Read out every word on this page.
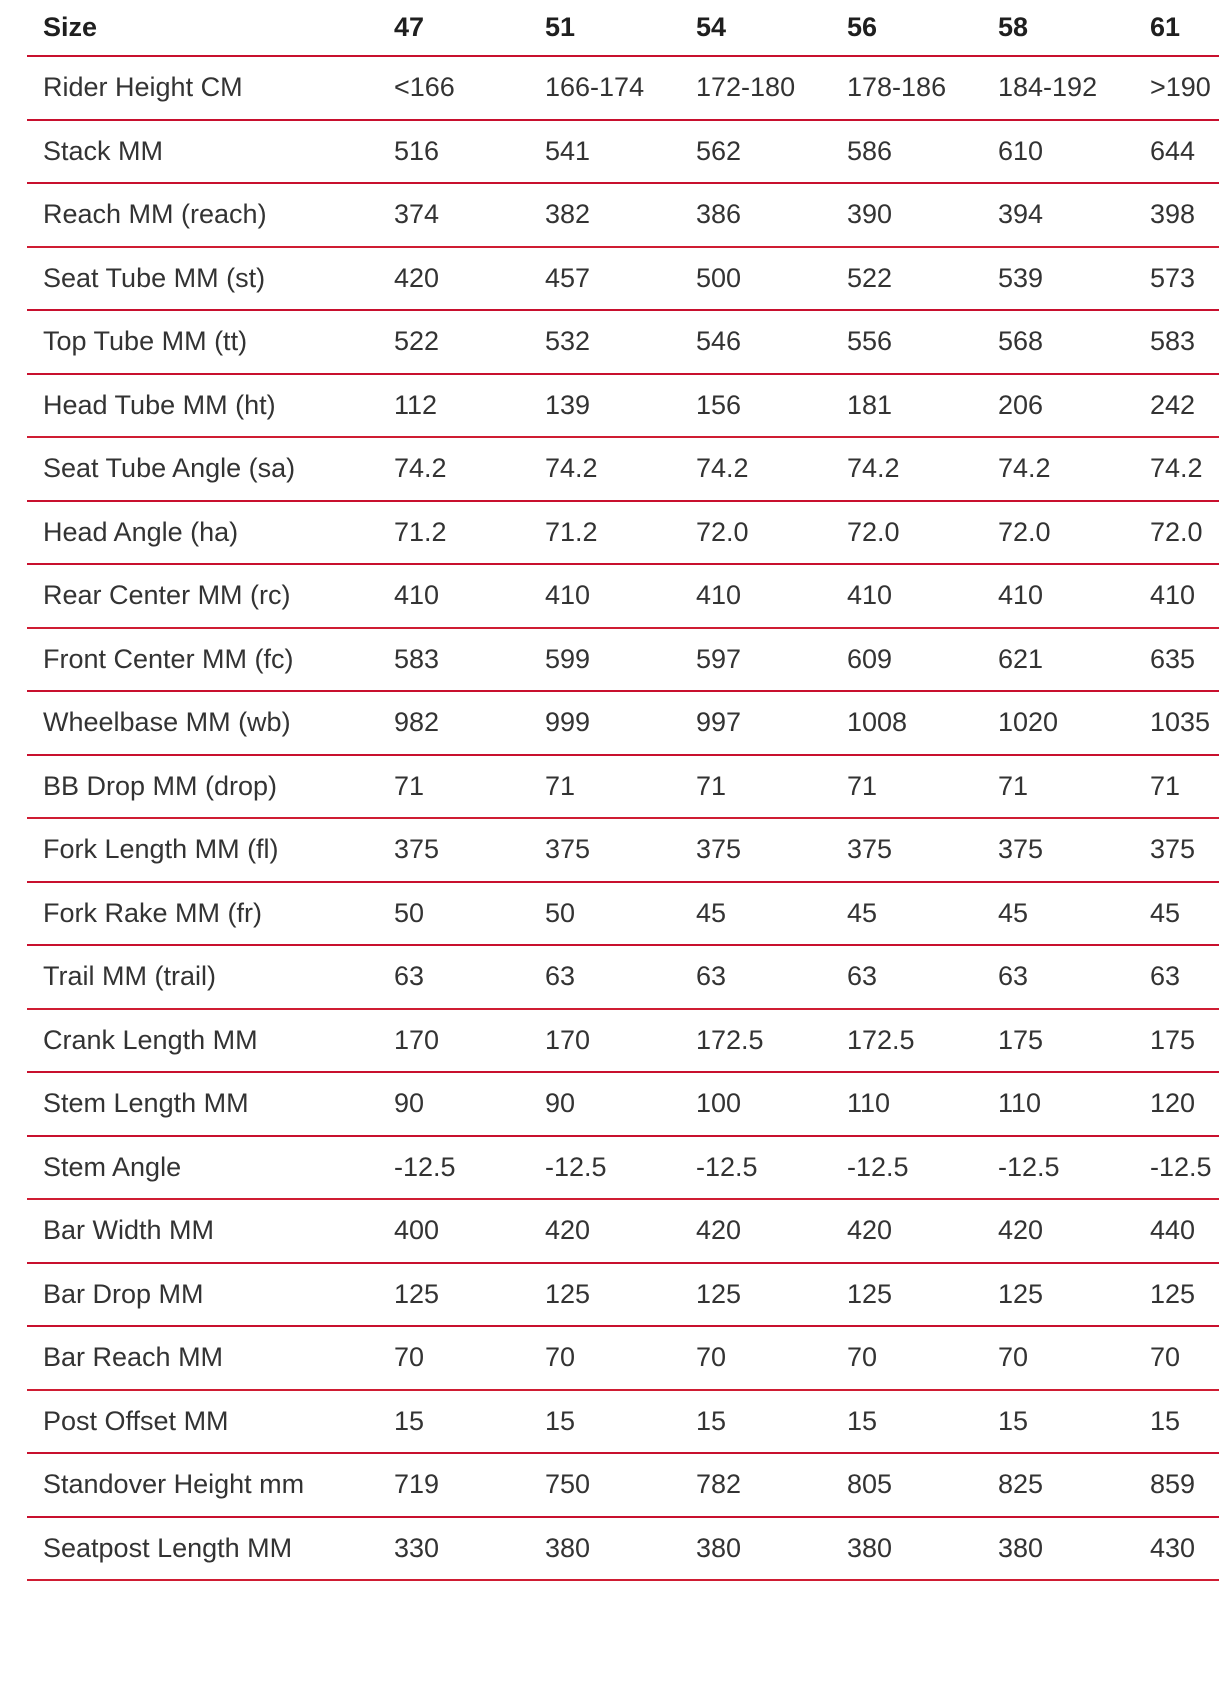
Size	47	51	54	56	58	61
Rider Height CM	<166	166-174	172-180	178-186	184-192	>190
Stack MM	516	541	562	586	610	644
Reach MM (reach)	374	382	386	390	394	398
Seat Tube MM (st)	420	457	500	522	539	573
Top Tube MM (tt)	522	532	546	556	568	583
Head Tube MM (ht)	112	139	156	181	206	242
Seat Tube Angle (sa)	74.2	74.2	74.2	74.2	74.2	74.2
Head Angle (ha)	71.2	71.2	72.0	72.0	72.0	72.0
Rear Center MM (rc)	410	410	410	410	410	410
Front Center MM (fc)	583	599	597	609	621	635
Wheelbase MM (wb)	982	999	997	1008	1020	1035
BB Drop MM (drop)	71	71	71	71	71	71
Fork Length MM (fl)	375	375	375	375	375	375
Fork Rake MM (fr)	50	50	45	45	45	45
Trail MM (trail)	63	63	63	63	63	63
Crank Length MM	170	170	172.5	172.5	175	175
Stem Length MM	90	90	100	110	110	120
Stem Angle	-12.5	-12.5	-12.5	-12.5	-12.5	-12.5
Bar Width MM	400	420	420	420	420	440
Bar Drop MM	125	125	125	125	125	125
Bar Reach MM	70	70	70	70	70	70
Post Offset MM	15	15	15	15	15	15
Standover Height mm	719	750	782	805	825	859
Seatpost Length MM	330	380	380	380	380	430
